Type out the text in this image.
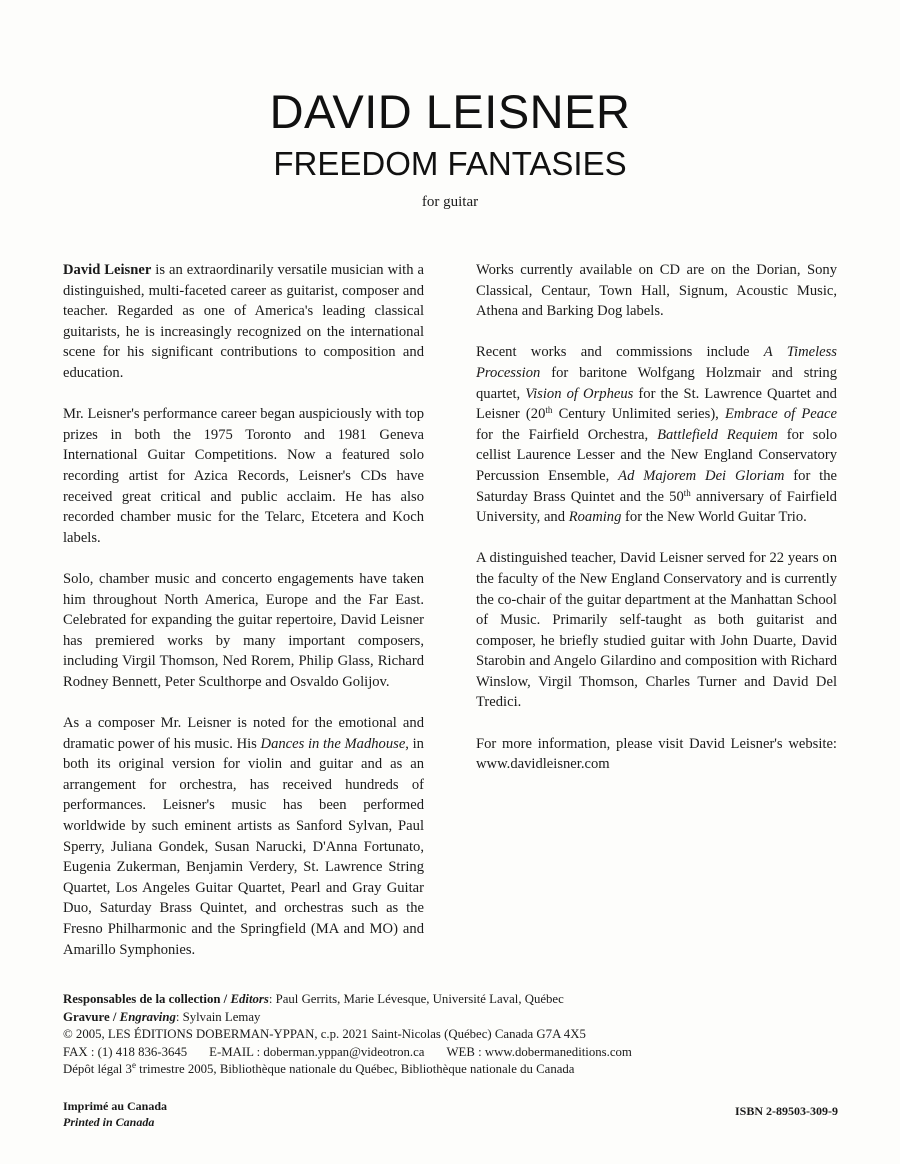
DAVID LEISNER
FREEDOM FANTASIES
for guitar

David Leisner is an extraordinarily versatile musician with a distinguished, multi-faceted career as guitarist, composer and teacher. Regarded as one of America's leading classical guitarists, he is increasingly recognized on the international scene for his significant contributions to composition and education.

Mr. Leisner's performance career began auspiciously with top prizes in both the 1975 Toronto and 1981 Geneva International Guitar Competitions. Now a featured solo recording artist for Azica Records, Leisner's CDs have received great critical and public acclaim. He has also recorded chamber music for the Telarc, Etcetera and Koch labels.

Solo, chamber music and concerto engagements have taken him throughout North America, Europe and the Far East. Celebrated for expanding the guitar repertoire, David Leisner has premiered works by many important composers, including Virgil Thomson, Ned Rorem, Philip Glass, Richard Rodney Bennett, Peter Sculthorpe and Osvaldo Golijov.

As a composer Mr. Leisner is noted for the emotional and dramatic power of his music. His Dances in the Madhouse, in both its original version for violin and guitar and as an arrangement for orchestra, has received hundreds of performances. Leisner's music has been performed worldwide by such eminent artists as Sanford Sylvan, Paul Sperry, Juliana Gondek, Susan Narucki, D'Anna Fortunato, Eugenia Zukerman, Benjamin Verdery, St. Lawrence String Quartet, Los Angeles Guitar Quartet, Pearl and Gray Guitar Duo, Saturday Brass Quintet, and orchestras such as the Fresno Philharmonic and the Springfield (MA and MO) and Amarillo Symphonies.

Works currently available on CD are on the Dorian, Sony Classical, Centaur, Town Hall, Signum, Acoustic Music, Athena and Barking Dog labels.

Recent works and commissions include A Timeless Procession for baritone Wolfgang Holzmair and string quartet, Vision of Orpheus for the St. Lawrence Quartet and Leisner (20th Century Unlimited series), Embrace of Peace for the Fairfield Orchestra, Battlefield Requiem for solo cellist Laurence Lesser and the New England Conservatory Percussion Ensemble, Ad Majorem Dei Gloriam for the Saturday Brass Quintet and the 50th anniversary of Fairfield University, and Roaming for the New World Guitar Trio.

A distinguished teacher, David Leisner served for 22 years on the faculty of the New England Conservatory and is currently the co-chair of the guitar department at the Manhattan School of Music. Primarily self-taught as both guitarist and composer, he briefly studied guitar with John Duarte, David Starobin and Angelo Gilardino and composition with Richard Winslow, Virgil Thomson, Charles Turner and David Del Tredici.

For more information, please visit David Leisner's website: www.davidleisner.com

Responsables de la collection / Editors: Paul Gerrits, Marie Lévesque, Université Laval, Québec
Gravure / Engraving: Sylvain Lemay
© 2005, LES ÉDITIONS DOBERMAN-YPPAN, c.p. 2021 Saint-Nicolas (Québec) Canada G7A 4X5
FAX : (1) 418 836-3645 E-MAIL : doberman.yppan@videotron.ca WEB : www.dobermaneditions.com
Dépôt légal 3e trimestre 2005, Bibliothèque nationale du Québec, Bibliothèque nationale du Canada
Imprimé au Canada
Printed in Canada
ISBN 2-89503-309-9
